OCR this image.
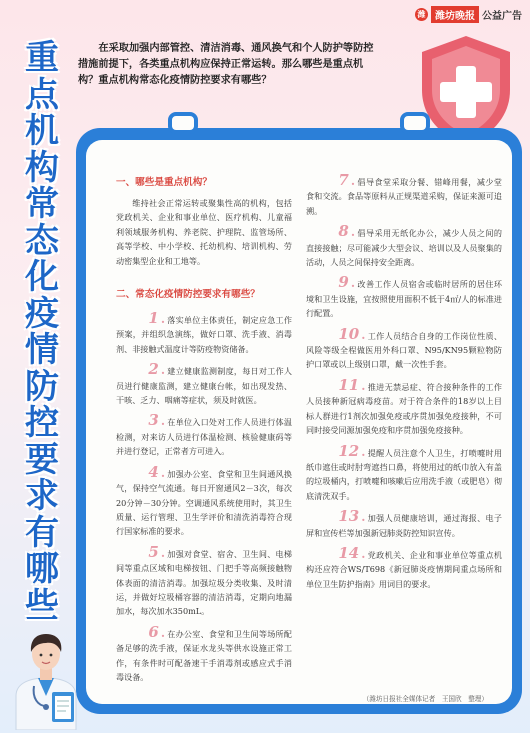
潍 潍坊晚报 公益广告
重
点
机
构
常
态
化
疫
情
防
控
要
求
有
哪
些

在采取加强内部管控、清洁消毒、通风换气和个人防护等防控措施前提下，各类重点机构应保持正常运转。那么哪些是重点机构？重点机构常态化疫情防控要求有哪些？

一、哪些是重点机构？

维持社会正常运转或聚集性高的机构，包括党政机关、企业和事业单位、医疗机构、儿童福利领域服务机构、养老院、护理院、监管场所、高等学校、中小学校、托幼机构、培训机构、劳动密集型企业和工地等。

二、常态化疫情防控要求有哪些？

1 . 落实单位主体责任，制定应急工作预案，并组织急演练，做好口罩、洗手液、消毒剂、非接触式温度计等防疫物资储备。

2 . 建立健康监测制度，每日对工作人员进行健康监测，建立健康台帐，如出现发热、干咳、乏力、咽痛等症状，须及时就医。

3 . 在单位入口处对工作人员进行体温检测，对来访人员进行体温检测、核验健康码等并进行登记，正常者方可进入。

4 . 加强办公室、食堂和卫生间通风换气，保持空气流通。每日开窗通风2－3次，每次20分钟－30分钟。空调通风系统使用时，其卫生质量、运行管理、卫生学评价和清洗消毒符合现行国家标准的要求。

5 . 加强对食堂、宿舍、卫生间、电梯间等重点区域和电梯按钮、门把手等高频接触物体表面的清洁消毒。加强垃圾分类收集、及时清运，并做好垃圾桶容器的清洁消毒，定期向地漏加水，每次加水350mL。

6 . 在办公室、食堂和卫生间等场所配备足够的洗手液，保证水龙头等供水设施正常工作，有条件时可配备速干手消毒剂或感应式手消毒设备。

7 . 倡导食堂采取分餐、错峰用餐，减少堂食和交流。食品等原料从正规渠道采购，保证来源可追溯。

8 . 倡导采用无纸化办公，减少人员之间的直接接触；尽可能减少大型会议、培训以及人员聚集的活动，人员之间保持安全距离。

9 . 改善工作人员宿舍或临时居所的居住环境和卫生设施，宜按照使用面积不低于4㎡/人的标准进行配置。

10 . 工作人员结合自身的工作岗位性质、风险等级全程做医用外科口罩、N95/KN95颗粒物防护口罩或以上级别口罩，戴一次性手套。

11 . 推进无禁忌症、符合接种条件的工作人员接种新冠病毒疫苗。对于符合条件的18岁以上目标人群进行1剂次加强免疫或序贯加强免疫接种，不可同时接受同源加强免疫和序贯加强免疫接种。

12 . 提醒人员注意个人卫生，打喷嚏时用纸巾遮住或时肘弯遮挡口鼻，将使用过的纸巾放入有盖的垃圾桶内，打喷嚏和咳嗽后应用洗手液（或肥皂）彻底清洗双手。

13 . 加强人员健康培训，通过海报、电子屏和宣传栏等加强新冠肺炎防控知识宣传。

14 . 党政机关、企业和事业单位等重点机构还应符合WS/T698《新冠肺炎疫情期间重点场所和单位卫生防护指南》用词目的要求。

（潍坊日报社全媒体记者　王国欣　整理）
